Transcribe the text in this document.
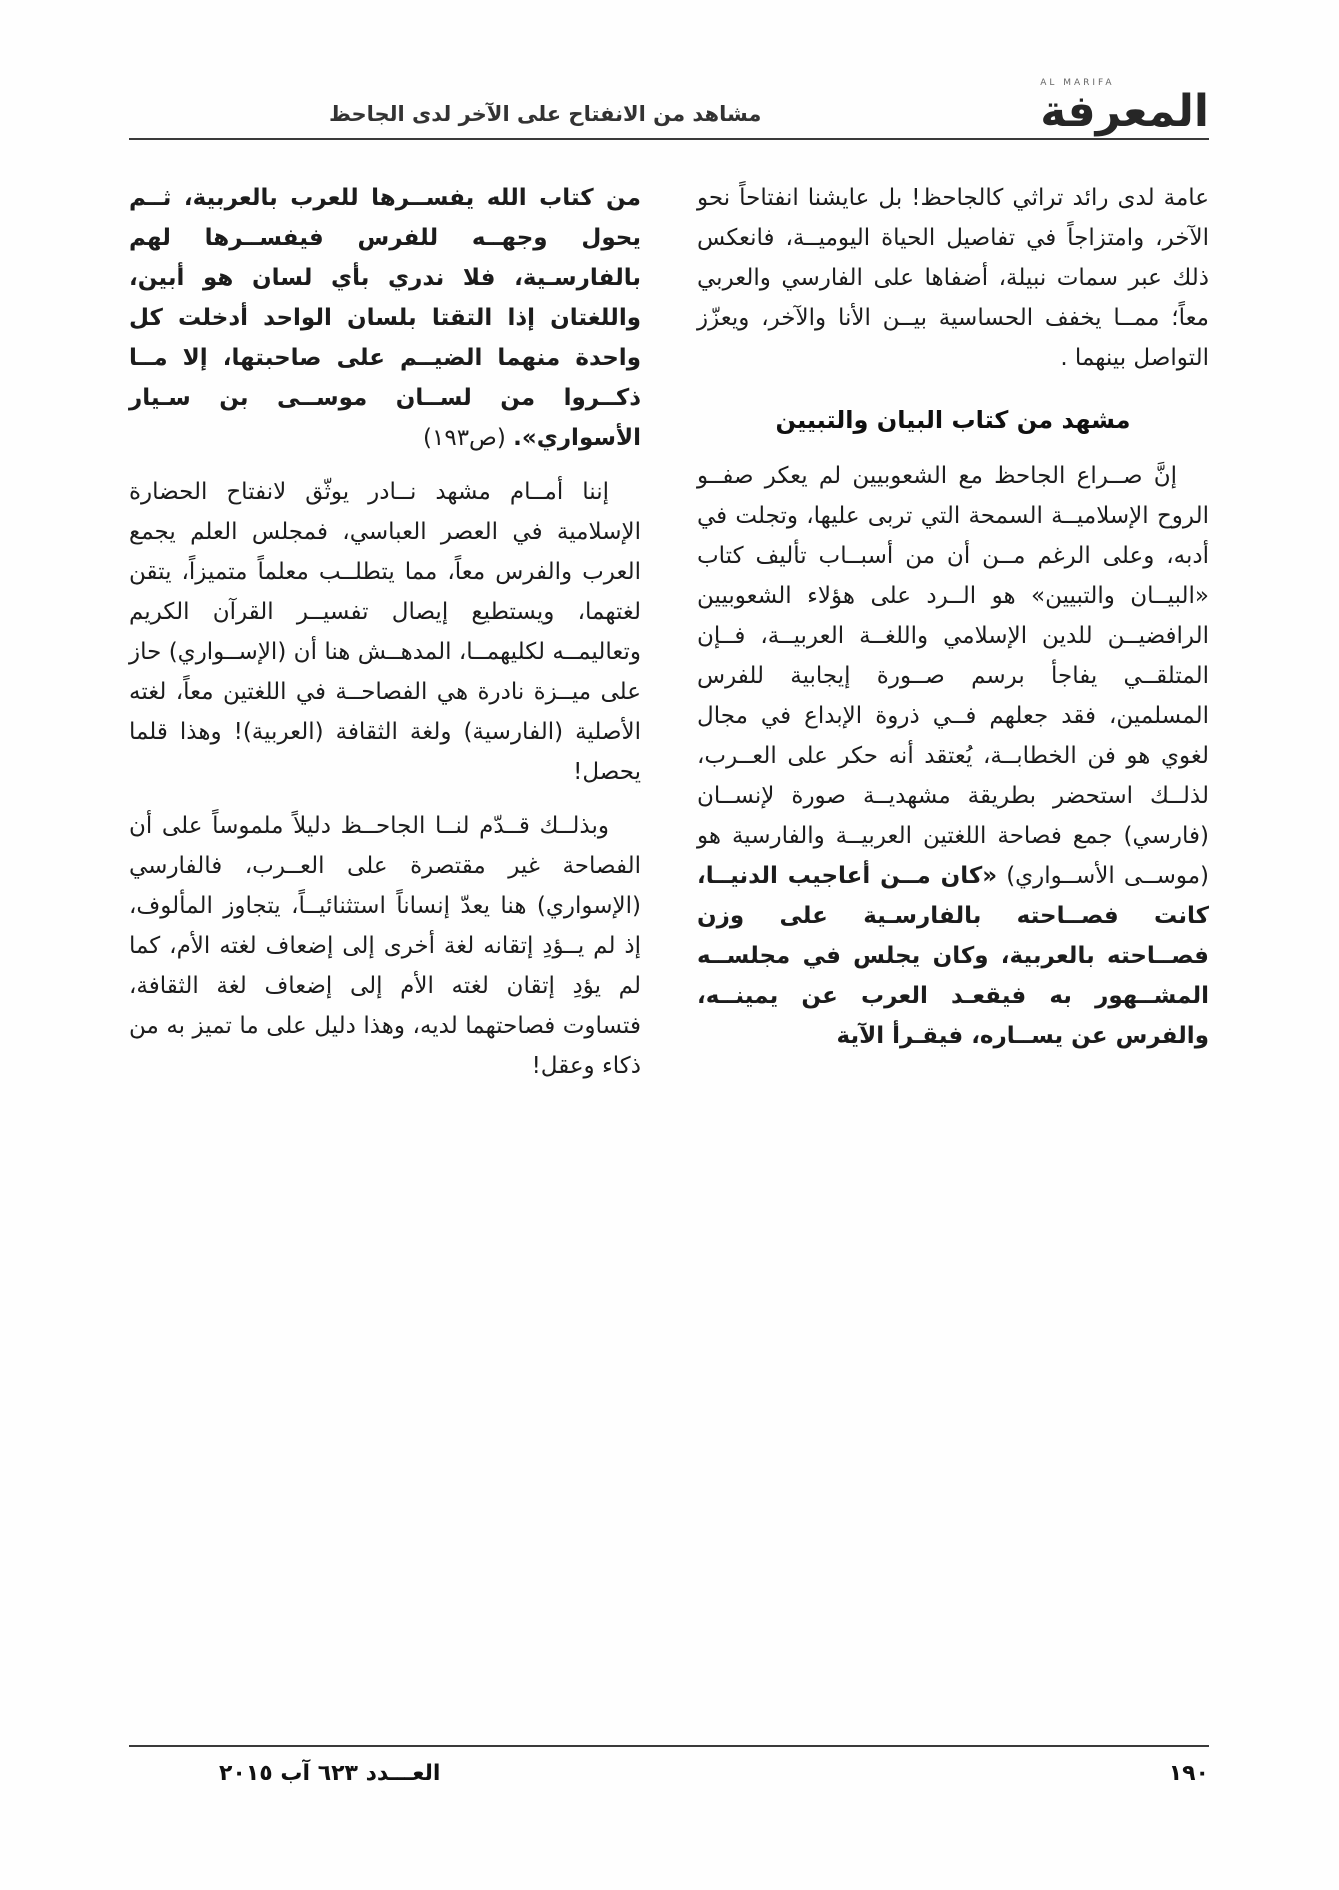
AL MARIFA
المعرفة
مشاهد من الانفتاح على الآخر لدى الجاحظ

عامة لدى رائد تراثي كالجاحظ! بل عايشنا انفتاحاً نحو الآخر، وامتزاجاً في تفاصيل الحياة اليوميــة، فانعكس ذلك عبر سمات نبيلة، أضفاها على الفارسي والعربي معاً؛ ممــا يخفف الحساسية بيــن الأنا والآخر، ويعزّز التواصل بينهما .

مشهد من كتاب البيان والتبيين

إنَّ صــراع الجاحظ مع الشعوبيين لم يعكر صفــو الروح الإسلاميــة السمحة التي تربى عليها، وتجلت في أدبه، وعلى الرغم مــن أن من أسبــاب تأليف كتاب «البيــان والتبيين» هو الــرد على هؤلاء الشعوبيين الرافضيــن للدين الإسلامي واللغــة العربيــة، فــإن المتلقــي يفاجأ برسم صــورة إيجابية للفرس المسلمين، فقد جعلهم فــي ذروة الإبداع في مجال لغوي هو فن الخطابــة، يُعتقد أنه حكر على العــرب، لذلــك استحضر بطريقة مشهديــة صورة لإنســان (فارسي) جمع فصاحة اللغتين العربيــة والفارسية هو (موســى الأســواري) «كان مــن أعاجيب الدنيــا، كانت فصــاحته بالفارسـية على وزن فصــاحته بالعربية، وكان يجلس في مجلســه المشــهور به فيقعـد العرب عن يمينــه، والفرس عن يســاره، فيقـرأ الآية

من كتاب الله يفســرها للعرب بالعربية، ثــم يحول وجهــه للفرس فيفســرها لهم بالفارسـية، فلا ندري بأي لسان هو أبين، واللغتان إذا التقتا بلسان الواحد أدخلت كل واحدة منهما الضيــم على صاحبتها، إلا مــا ذكــروا من لســان موســى بن سـيار الأسواري». (ص١٩٣)

إننا أمــام مشهد نــادر يوثّق لانفتاح الحضارة الإسلامية في العصر العباسي، فمجلس العلم يجمع العرب والفرس معاً، مما يتطلــب معلماً متميزاً، يتقن لغتهما، ويستطيع إيصال تفسيــر القرآن الكريم وتعاليمــه لكليهمــا، المدهــش هنا أن (الإســواري) حاز على ميــزة نادرة هي الفصاحــة في اللغتين معاً، لغته الأصلية (الفارسية) ولغة الثقافة (العربية)! وهذا قلما يحصل!

وبذلــك قــدّم لنــا الجاحــظ دليلاً ملموساً على أن الفصاحة غير مقتصرة على العــرب، فالفارسي (الإسواري) هنا يعدّ إنساناً استثنائيــاً، يتجاوز المألوف، إذ لم يــؤدِ إتقانه لغة أخرى إلى إضعاف لغته الأم، كما لم يؤدِ إتقان لغته الأم إلى إضعاف لغة الثقافة، فتساوت فصاحتهما لديه، وهذا دليل على ما تميز به من ذكاء وعقل!

١٩٠
العـــدد ٦٢٣ آب ٢٠١٥
